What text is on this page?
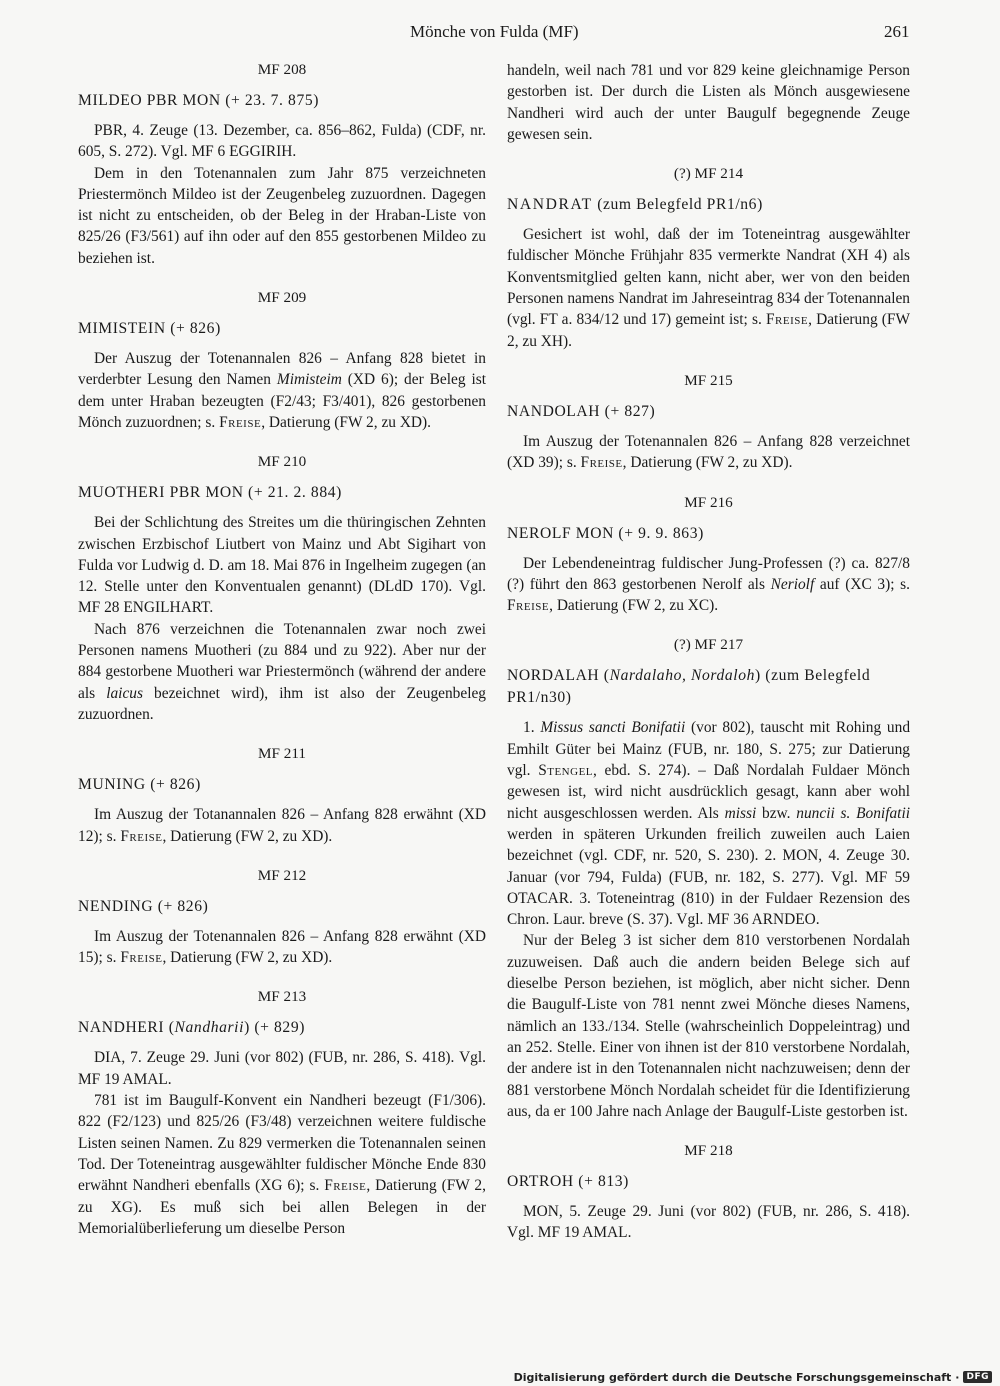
Mönche von Fulda (MF)	261
MF 208
MILDEO PBR MON (+ 23. 7. 875)

PBR, 4. Zeuge (13. Dezember, ca. 856–862, Fulda) (CDF, nr. 605, S. 272). Vgl. MF 6 EGGIRIH.

Dem in den Totenannalen zum Jahr 875 verzeichneten Priestermönch Mildeo ist der Zeugenbeleg zuzuordnen. Dagegen ist nicht zu entscheiden, ob der Beleg in der Hraban-Liste von 825/26 (F3/561) auf ihn oder auf den 855 gestorbenen Mildeo zu beziehen ist.

MF 209
MIMISTEIN (+ 826)

Der Auszug der Totenannalen 826 – Anfang 828 bietet in verderbter Lesung den Namen Mimisteim (XD 6); der Beleg ist dem unter Hraban bezeugten (F2/43; F3/401), 826 gestorbenen Mönch zuzuordnen; s. Freise, Datierung (FW 2, zu XD).

MF 210
MUOTHERI PBR MON (+ 21. 2. 884)

Bei der Schlichtung des Streites um die thüringischen Zehnten zwischen Erzbischof Liutbert von Mainz und Abt Sigihart von Fulda vor Ludwig d. D. am 18. Mai 876 in Ingelheim zugegen (an 12. Stelle unter den Konventualen genannt) (DLdD 170). Vgl. MF 28 ENGILHART.

Nach 876 verzeichnen die Totenannalen zwar noch zwei Personen namens Muotheri (zu 884 und zu 922). Aber nur der 884 gestorbene Muotheri war Priestermönch (während der andere als laicus bezeichnet wird), ihm ist also der Zeugenbeleg zuzuordnen.

MF 211
MUNING (+ 826)

Im Auszug der Totanannalen 826 – Anfang 828 erwähnt (XD 12); s. Freise, Datierung (FW 2, zu XD).

MF 212
NENDING (+ 826)

Im Auszug der Totenannalen 826 – Anfang 828 erwähnt (XD 15); s. Freise, Datierung (FW 2, zu XD).

MF 213
NANDHERI (Nandharii) (+ 829)

DIA, 7. Zeuge 29. Juni (vor 802) (FUB, nr. 286, S. 418). Vgl. MF 19 AMAL.

781 ist im Baugulf-Konvent ein Nandheri bezeugt (F1/306). 822 (F2/123) und 825/26 (F3/48) verzeichnen weitere fuldische Listen seinen Namen. Zu 829 vermerken die Totenannalen seinen Tod. Der Toteneintrag ausgewählter fuldischer Mönche Ende 830 erwähnt Nandheri ebenfalls (XG 6); s. Freise, Datierung (FW 2, zu XG). Es muß sich bei allen Belegen in der Memorialüberlieferung um dieselbe Person

handeln, weil nach 781 und vor 829 keine gleichnamige Person gestorben ist. Der durch die Listen als Mönch ausgewiesene Nandheri wird auch der unter Baugulf begegnende Zeuge gewesen sein.

(?) MF 214
NANDRAT (zum Belegfeld PR1/n6)

Gesichert ist wohl, daß der im Toteneintrag ausgewählter fuldischer Mönche Frühjahr 835 vermerkte Nandrat (XH 4) als Konventsmitglied gelten kann, nicht aber, wer von den beiden Personen namens Nandrat im Jahreseintrag 834 der Totenannalen (vgl. FT a. 834/12 und 17) gemeint ist; s. Freise, Datierung (FW 2, zu XH).

MF 215
NANDOLAH (+ 827)

Im Auszug der Totenannalen 826 – Anfang 828 verzeichnet (XD 39); s. Freise, Datierung (FW 2, zu XD).

MF 216
NEROLF MON (+ 9. 9. 863)

Der Lebendeneintrag fuldischer Jung-Professen (?) ca. 827/8 (?) führt den 863 gestorbenen Nerolf als Neriolf auf (XC 3); s. Freise, Datierung (FW 2, zu XC).

(?) MF 217
NORDALAH (Nardalaho, Nordaloh) (zum Belegfeld PR1/n30)

1. Missus sancti Bonifatii (vor 802), tauscht mit Rohing und Emhilt Güter bei Mainz (FUB, nr. 180, S. 275; zur Datierung vgl. Stengel, ebd. S. 274). – Daß Nordalah Fuldaer Mönch gewesen ist, wird nicht ausdrücklich gesagt, kann aber wohl nicht ausgeschlossen werden. Als missi bzw. nuncii s. Bonifatii werden in späteren Urkunden freilich zuweilen auch Laien bezeichnet (vgl. CDF, nr. 520, S. 230). 2. MON, 4. Zeuge 30. Januar (vor 794, Fulda) (FUB, nr. 182, S. 277). Vgl. MF 59 OTACAR. 3. Toteneintrag (810) in der Fuldaer Rezension des Chron. Laur. breve (S. 37). Vgl. MF 36 ARNDEO.

Nur der Beleg 3 ist sicher dem 810 verstorbenen Nordalah zuzuweisen. Daß auch die andern beiden Belege sich auf dieselbe Person beziehen, ist möglich, aber nicht sicher. Denn die Baugulf-Liste von 781 nennt zwei Mönche dieses Namens, nämlich an 133./134. Stelle (wahrscheinlich Doppeleintrag) und an 252. Stelle. Einer von ihnen ist der 810 verstorbene Nordalah, der andere ist in den Totenannalen nicht nachzuweisen; denn der 881 verstorbene Mönch Nordalah scheidet für die Identifizierung aus, da er 100 Jahre nach Anlage der Baugulf-Liste gestorben ist.

MF 218
ORTROH (+ 813)

MON, 5. Zeuge 29. Juni (vor 802) (FUB, nr. 286, S. 418). Vgl. MF 19 AMAL.

Digitalisierung gefördert durch die Deutsche Forschungsgemeinschaft · DFG
